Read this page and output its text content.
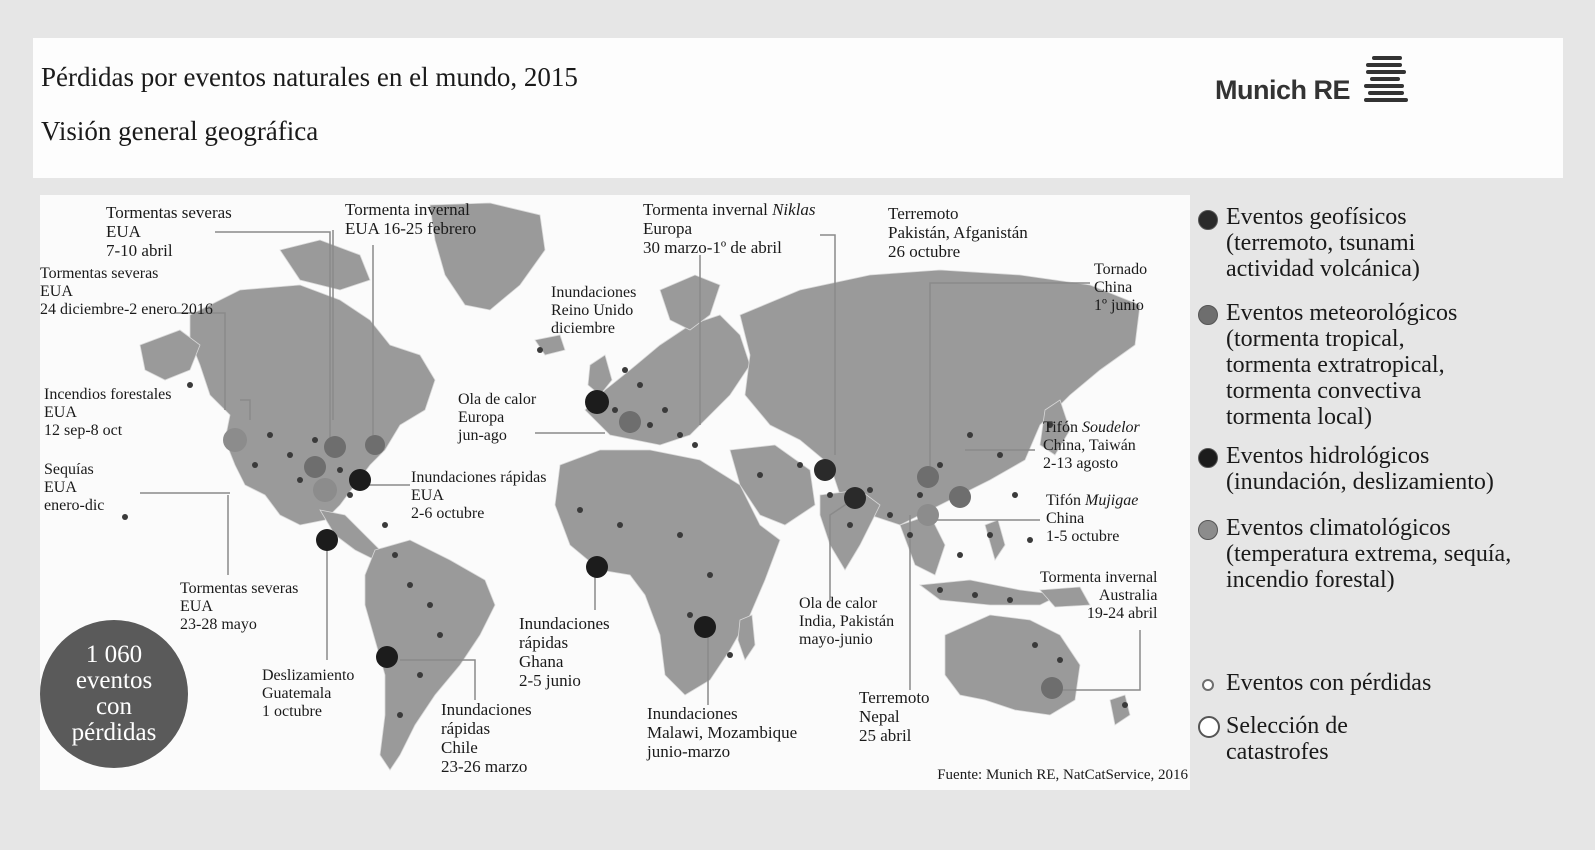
Pérdidas por eventos naturales en el mundo, 2015
Visión general geográfica
Munich RE
Tormentas severas
EUA
7-10 abril
Tormenta invernal
EUA 16-25 febrero
Tormenta invernal Niklas
Europa
30 marzo-1º de abril
Terremoto
Pakistán, Afganistán
26 octubre
Tormentas severas
EUA
24 diciembre-2 enero 2016
Tornado
China
1º junio
Inundaciones
Reino Unido
diciembre
Incendios forestales
EUA
12 sep-8 oct
Ola de calor
Europa
jun-ago	Tifón Soudelor
China, Taiwán
2-13 agosto
Sequías
EUA
enero-dic
Inundaciones rápidas
EUA
2-6 octubre
Tifón Mujigae
China
1-5 octubre
Tormenta invernal
Australia
19-24 abril
Tormentas severas
EUA
23-28 mayo
Ola de calor
India, Pakistán
mayo-junio
Inundaciones
rápidas
Ghana
2-5 junio
Deslizamiento
Guatemala
1 octubre
Terremoto
Nepal
25 abril
Inundaciones
rápidas
Chile
23-26 marzo
Inundaciones
Malawi, Mozambique
junio-marzo
1 060
eventos
con
pérdidas
Fuente: Munich RE, NatCatService, 2016
Eventos geofísicos
(terremoto, tsunami
actividad volcánica)
Eventos meteorológicos
(tormenta tropical,
tormenta extratropical,
tormenta convectiva
tormenta local)
Eventos hidrológicos
(inundación, deslizamiento)
Eventos climatológicos
(temperatura extrema, sequía,
incendio forestal)
Eventos con pérdidas
Selección de
catastrofes
